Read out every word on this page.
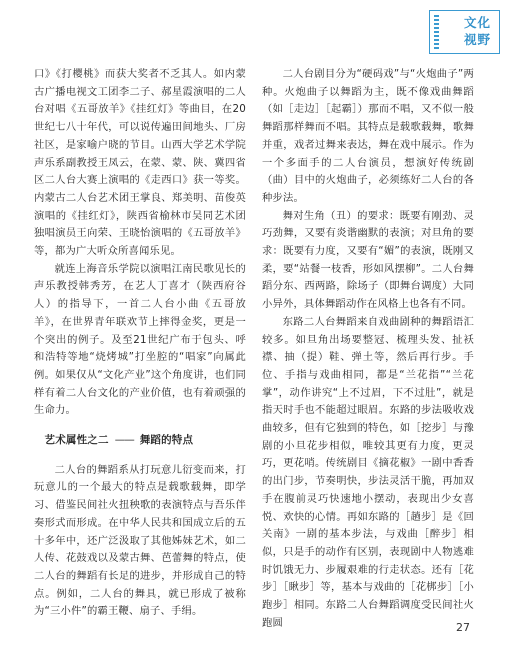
文化
视野

口》《打樱桃》而获大奖者不乏其人。如内蒙古广播电视文工团李二子、郝星霞演唱的二人台对唱《五哥放羊》《挂红灯》等曲目，在20世纪七八十年代，可以说传遍田间地头、厂房社区，是家喻户晓的节目。山西大学艺术学院声乐系副教授王凤云，在蒙、蒙、陕、冀四省区二人台大赛上演唱的《走西口》获一等奖。内蒙古二人台艺术团王掌良、郑美明、苗俊英演唱的《挂红灯》，陕西省榆林市吴同艺术团独唱演员王向荣、王晓怡演唱的《五哥放羊》等，都为广大听众所喜闻乐见。

就连上海音乐学院以演唱江南民歌见长的声乐教授韩秀芳，在艺人丁喜才（陕西府谷人）的指导下，一首二人台小曲《五哥放羊》，在世界青年联欢节上摔得金奖，更是一个突出的例子。及至21世纪广布于包头、呼和浩特等地“烧烤城”打坐腔的“唱家”向属此例。如果仅从“文化产业”这个角度讲，也们同样有着二人台文化的产业价值，也有着顽强的生命力。

艺术属性之二 —— 舞蹈的特点

二人台的舞蹈系从打玩意儿衍变而来，打玩意儿的一个最大的特点是载歌载舞，即学习、借鉴民间社火扭秧歌的表演特点与吾乐伴奏形式而形成。在中华人民共和国成立后的五十多年中，还广泛汲取了其他姊妹艺术，如二人传、花鼓戏以及蒙古舞、芭蕾舞的特点，使二人台的舞蹈有长足的进步，并形成自己的特点。例如，二人台的舞具，就已形成了被称为“三小件”的霸王鞭、扇子、手绢。

二人台剧目分为“硬码戏”与“火炮曲子”两种。火炮曲子以舞蹈为主，既不像戏曲舞蹈（如［走边］［起霸］）那而不唱，又不似一般舞蹈那样舞而不唱。其特点是载歌载舞，歌舞并重，戏者过舞来表达，舞在戏中展示。作为一个多面手的二人台演员，想演好传统剧（曲）目中的火炮曲子，必须练好二人台的各种步法。

舞对生角（丑）的要求：既要有刚劲、灵巧劲舞，又要有炎谐幽默的表演；对旦角的要求：既要有力度，又要有“媚”的表演，既刚又柔，要“站餐一枝香，形如风摆柳”。二人台舞蹈分东、西两路，除场子（即舞台调度）大同小异外，具体舞蹈动作在风格上也各有不同。

东路二人台舞蹈来自戏曲剧种的舞蹈语汇较多。如旦角出场要整冠、梳理头发、扯袄襟、抽（提）鞋、弹土等，然后再行步。手位、手指与戏曲相同，都是“兰花指”“兰花掌”，动作讲究“上不过眉，下不过肚”，就是指天时手也不能超过眼眉。东路的步法吸收戏曲较多，但有它独到的特色，如［挖步］与豫剧的小旦花步相似，唯较其更有力度，更灵巧，更花哨。传统剧目《摘花椒》一剧中香香的出门步，节奏明快，步法灵活干脆，再加双手在腹前灵巧快速地小摆动，表现出少女喜悦、欢快的心情。再如东路的［趟步］是《回关南》一剧的基本步法，与戏曲［醉步］相似，只是手的动作有区别，表现剧中人物逃难时饥饿无力、步履艰难的行走状态。还有［花步］［瞅步］等，基本与戏曲的［花梆步］［小跑步］相同。东路二人台舞蹈调度受民间社火跑圆	27
